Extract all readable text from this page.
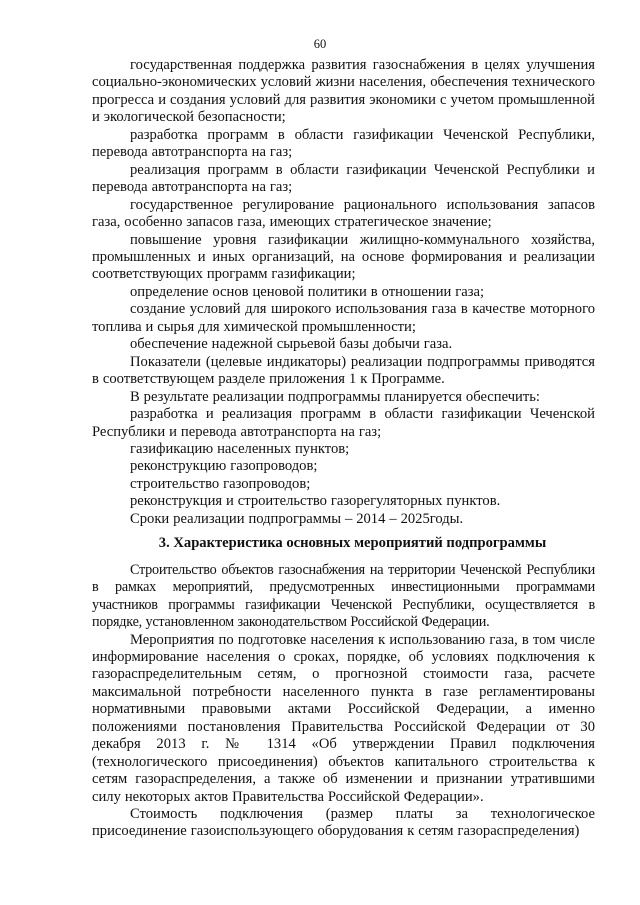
60

государственная поддержка развития газоснабжения в целях улучшения социально-экономических условий жизни населения, обеспечения технического прогресса и создания условий для развития экономики с учетом промышленной и экологической безопасности;

разработка программ в области газификации Чеченской Республики, перевода автотранспорта на газ;

реализация программ в области газификации Чеченской Республики и перевода автотранспорта на газ;

государственное регулирование рационального использования запасов газа, особенно запасов газа, имеющих стратегическое значение;

повышение уровня газификации жилищно-коммунального хозяйства, промышленных и иных организаций, на основе формирования и реализации соответствующих программ газификации;

определение основ ценовой политики в отношении газа;

создание условий для широкого использования газа в качестве моторного топлива и сырья для химической промышленности;

обеспечение надежной сырьевой базы добычи газа.

Показатели (целевые индикаторы) реализации подпрограммы приводятся в соответствующем разделе приложения 1 к Программе.

В результате реализации подпрограммы планируется обеспечить:

разработка и реализация программ в области газификации Чеченской Республики и перевода автотранспорта на газ;

газификацию населенных пунктов;

реконструкцию газопроводов;

строительство газопроводов;

реконструкция и строительство газорегуляторных пунктов.

Сроки реализации подпрограммы – 2014 – 2025годы.

3. Характеристика основных мероприятий подпрограммы

Строительство объектов газоснабжения на территории Чеченской Республики в рамках мероприятий, предусмотренных инвестиционными программами участников программы газификации Чеченской Республики, осуществляется в порядке, установленном законодательством Российской Федерации.

Мероприятия по подготовке населения к использованию газа, в том числе информирование населения о сроках, порядке, об условиях подключения к газораспределительным сетям, о прогнозной стоимости газа, расчете максимальной потребности населенного пункта в газе регламентированы нормативными правовыми актами Российской Федерации, а именно положениями постановления Правительства Российской Федерации от 30 декабря 2013 г. № 1314 «Об утверждении Правил подключения (технологического присоединения) объектов капитального строительства к сетям газораспределения, а также об изменении и признании утратившими силу некоторых актов Правительства Российской Федерации».

Стоимость подключения (размер платы за технологическое присоединение газоиспользующего оборудования к сетям газораспределения)
